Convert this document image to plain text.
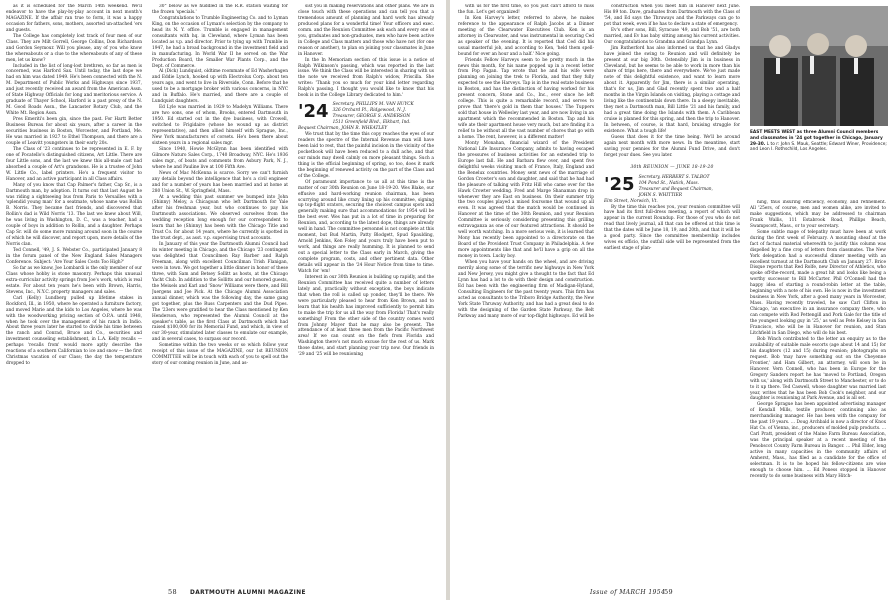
as it is scheduled for the March 14th weekend. We'll endeavor to have the play-by-play account in next month's MAGAZINE. If the affair ran true to form, it was a happy occasion for fathers, sons, mothers, assorted un-attached 'ers and guests.

The College has completely lost track of four men of our Class. They are Milt Gorrell, George Collins, Don Richardson and Gordon Seymour. Will you please, any of you who know the whereabouts or a clue to the whereabouts of any of these men, let us know?

Included in the list of long-lost brethren, so far as men is concerned, was Harford Sax. Until today, the last dope we had on him was dated 1949. He's been connected with the N. M. Department of Public Works and Highways since 1937, and just recently received an award from the American Assn. of State Highway Officials for long and meritorious service. A graduate of Thayer School, Harford is a past prexy of the N. M. Good Roads Assn., the Lancaster Rotary Club, and the White Mt. Region Assn.

Pres Emeriti's been gin, since the past. For Hartt Better Business Bureau for about six years, after a career in the securities business in Boston, Worcester, and Portland, Me. He was married in 1927 to Ethel Thompson, and there are a couple of Leavitt youngsters in their early 20s.

The Class of '23 continues to be represented in E. F. by one of Pocatello's distinguished citizens, Art Little. There are four Little sons, and the last we knew this all-male cast had absorbed a couple of Art's grandsons. He is a trustee of John W. Little Co., label printers. He's a frequent visitor to Hanover, and an active participant in all Class affairs.

Many of you know that Cap Palmer's father, Cap Sr., is a Dartmouth man, by adoption. It turns out that last August he was riding a sightseeing bus from Paris to Versailles with a 'splendid young man' for a seatmate, whose name was Rollin B. Norris. They became fast friends, and discovered that Rollin's dad is Wild Norris '13. The last we knew about Will, he was living in Washington, D. C., was a teacher, had a couple of boys in addition to Rollin, and a daughter. Perhaps Cap Sr. will do some more running around soon in the course of which he will discover, and report upon, more details of the Norris clan.

Ted Connell, '49, J. S. Webster Co., participated January 8 in the forum panel of the New England Sales Managers Conference. Subject: 'Are Your Sales Costs Too High?'

So far as we know, Joe Lombardi is the only member of our Class whose hobby is stone masonry. Perhaps this unusual extra-curricular activity springs from Joe's work, which is real estate. For about ten years he's been with Brown, Harris, Stevens, Inc., N.Y.C. property managers and sales.

Carl (Kelly) Lundberg pulled up lifetime stakes in Rockford, Ill., in 1950, where he operated a furniture factory, and moved Marie and the kids to Los Angeles, where he was with the woodworking pricing section of O.P.A. until 1948, when he took over the management of his ranch in Indio. About three years later he started to divide his time between the ranch and Conrad, Bruce and Co., securities and investment counseling establishment, in L.A. Kelly recalls — perhaps 'recalls from' would more aptly describe the reactions of a southern Californian to ice and snow — the first Christmas vacation of our Class; the day the temperature dropped to

30° below as we huddled in the R.R. station waiting for the frozen 'specials.'

Congratulations to Trumble Engineering Co. and to Lyman King, on the occasion of Lyman's selection by the company to head its N. Y. office. Trumble is engaged in management consultants with hq. in Cleveland, where Lyman has been located as v.p. and director. Prior to tying up with Trumble in 1947, he had a broad background in the investment field and in manufacturing. In World War II he served on the War Production Board, the Smaller War Plants Corp., and the Dept. of Commerce.

Al (Dick) Lundquist, oldtime roommate of Ed Washerhagen and Eddie Lynch, hooked up with Electrolux Corp. about ten years ago, and went to live in Riverside, Conn. Before that he used to be a mortgage broker with various concerns, in NYC and in Buffalo. He's married, and there are a couple of Lundquist daughters.

Ed Lyle was married in 1929 to Madelyn Williams. There are two sons, one of whom, Brooks, entered Dartmouth in 1950. Ed started out in the dye business, with Crowell, switched to Frigidaire (whose he wound up as district representative), and then allied himself with Sprague, Inc., New York manufacturers of corsets. He's been there about sixteen years in a regional sales mgr.

Since 1940, Howie McGlynn has been identified with Gilmore Naturo Sales Corp., 1740 Broadway, NYC. He's 1936 sales mgr., of boats and comments from Asbury Park, N. J., where he and Pauline live at 100 Fifth Ave.

News of Mac McKenna is scarce. Sorry we can't furnish any details beyond the intelligence that he's a civil engineer and for a number of years has been married and at home at 280 Union St., W. Springfield, Mass.

At a wedding this past summer we bumped into John (Shinny) Meloy, a Chicagoan who left Dartmouth for Yale after his freshman year, but who continues to pay his Dartmouth associations. We observed ourselves from the wedding reception long enough for our correspondent to learn that he (Shinny) has been with the Chicago Title and Trust Co. for about 14 years, where he currently is spotted in the trust dept., as asst. v.p. supervising trust accounts.

In January of this year the Dartmouth Alumni Council had its winter meeting in Chicago, and the Chicago '23 contingent was delighted that Councilmen Ray Barber and Ralph Freeman, along with excellent Councilman Trish Flanigan, were in town. We got together a little dinner in honor of these three, with Sam and Betsey Sollitt as hosts, at the Chicago Yacht Club. In addition to the Sollitts and our honored guests, the Meixels and Karl and 'Snow' Williams were there, and Bill Juergens and Joe Pick. At the Chicago Alumni Association annual dinner, which was the following day, the same gang got together, plus the Russ Carpenters and the Dud Pipes. The '23ers were gratified to hear the Class mentioned by Ken Henderson, who represented the Alumni Council at the speaker's table, as the first Class at Dartmouth which had raised $100,000 for its Memorial Fund, and which, in view of our 30-year, stimulated later classes to emulate our example, and in several cases, to surpass our record.

Sometime within the two weeks or so which follow your receipt of this issue of the MAGAZINE, our 1st REUNION COMMITTEE will be in touch with each of you to spell out the story of our coming reunion in June, and as-

sist you in making reservations and other plans. We are in close touch with these operations and can tell you that a tremendous amount of planning and hard work has already produced plans for a wonderful time! Your officers and exec. comm. and the Reunion Committee ask each and every one of you, graduates and non-graduates, men who have been active in College and Class matters and those who have not (for one reason or another), to plan on joining your classmates in June in Hanover.

In the In Memoriam section of this issue is a notice of Ralph Wilkinson's passing, which was reported in the last issue. We think the Class will be interested in sharing with us the note we received from Ralph's widow, Priscilla. She writes: 'Thank you so much for your kind letter regarding Ralph's passing. I thought you would like to know that his book is in the College Library dedicated to him.'

'24 Secretary, PHILLIPS M. VAN HUYCK
326 Orchard Pl., Ridgewood, N. J.
Treasurer, GEORGE S. ANDERSON
1511 Greenfield Blvd., Elkhart, Ind.
Bequest Chairman, JOHN R. WHEATLEY

We trust that by the time this copy reaches the eyes of our readers the spectre of the Internal Revenue man will have been laid to rest, that the painful incision in the vicinity of the pocketbook will have been reduced to a dull ache, and that our minds may dwell calmly on more pleasant things. Such a thing is the official beginning of spring, so too, does it mark the beginning of renewed activity on the part of the Class and of the College.

Of paramount importance to us all at this time is the matter of our 30th Reunion on June 18-19-20. Wes Blake, our effusive and hard-working reunion chairman, has been scurrying around like crazy lining up his committee, signing up top-flight orators, securing the choicest campus spots and generally making sure that accommodations for 1954 will be the best ever. Wes has put in a lot of time in preparing for Reunion, and, according to the latest dope, things are already well in hand. The committee personnel is not complete at this moment, but Bud Martin, Patty Blodgett, Spud Spaulding, Arnold Jenkins, Ken Foley and yours truly have been put to work, and things are really humming. It is planned to send out a special letter to the Class early in March, giving the complete program, costs, and other pertinent data. Other details will appear in the '24 Hour Notice from time to time. Watch for 'em!

Interest in our 30th Reunion is building up rapidly, and the Reunion Committee has received quite a number of letters lately and, practically without exception, the boys indicate that when the roll is called up yonder, they'll be there. We were particularly pleased to hear from Ken Brown, and to learn that his health has improved sufficiently to permit him to make the trip for us all the way from Florida! That's really something! From the other side of the country comes word from Johnny Mayer that he may also be present. The attendance of at least three men from the Pacific Northwest area! If we can count on the fiefs from Florida and Washington there's not much excuse for the rest of us. Mark those dates, and start planning your trip now. Our friends in '29 and '25 will be reunioning

58 DARTMOUTH ALUMNI MAGAZINE

with us for the first time, so you just can't afford to miss the fun. Let's get organized!

In Ken Harvey's letter, referred to above, he makes reference to the appearance of Ralph Jacobs at a Dinner meeting of the Clearwater Executives Club. Ken is an attorney in Clearwater, and was instrumental in securing Ced as speaker of the evening. It is reported that Ced did his usual masterful job, and according to Ken, 'held them spell-bound for over an hour and a half.' Nice going.

Friends Fellow Harveys seem to be pretty much in the news this month, for his name popped up in a recent letter from Pop Fagan. Tap wrote that he and his wife were planning on joining the trek to Florida, and that they fully expected to see the Harveys. Tap is in the real estate business in Boston, and has the distinction of having worked for his present concern, Stone and Co., Inc., ever since he left college. This is quite a remarkable record, and serves to prove that 'there's gold in them thar houses.' The Tuppers sold that house in Wellesley last year, and are now living in an apartment which the recommended in Boston. Tap and his wife ate their apartment house very much, but are finding it a relief to be without all the vast number of chores that go with a home. The rent, however, is a different matter!

Monty Monahan, financial wizard of the President National Life Insurance Company, admits to having escaped the pressures of business activities for an extended trip to Europe last fall. He and Barbara flew over, and spent five delightful weeks visiting much of France, Italy, England and the Benelux countries. Money sent news of the marriage of Gordon Crowter's son and daughter, and said that he had had the pleasure of talking with Fritz Hill who came over for the Hawk Crowter wedding. Fred and Marge Shanaman drop in whenever they are East on business. On their summer trip the two couples played a mixed foursome that wound up all even. It was agreed that the match would be continued in Hanover at the time of the 30th Reunion, and your Reunion Committee is seriously considering presenting this grilling extravaganza as one of our featured attractions. It should be well worth watching. In a more serious vein, it is learned that Mony has recently been appointed to a directorate on the Board of the Provident Trust Company in Philadelphia. A few more appointments like that and he'll have a grip on all the money in town. Lucky boy.

When you have your hands on the wheel, and are driving merrily along some of the terrific new highways in New York and New Jersey, you might give a thought to the fact that Ed Lynn has had a lot to do with their design and construction. Ed has been with the engineering firm of Madigan-Hyland, Consulting Engineers for the past twenty years. This firm has acted as consultants to the Triboro Bridge Authority, the New York State Thruway Authority, and has had a great deal to do with the designing of the Garden State Parkway, the Belt Parkway and many more of our top-flight highways. Ed will be

construction when you meet him in Hanover next June. His 89 ton. Dave, graduates from Dartmouth with the Class of '54, and Ed says the Thruways and the Parkways can go to pot that week, even if he has to declare a state of emergency.

Ev's other sons, Bill, Syracuse '49, and Bob '51, are both married, and Ev has baby sitting among his current activities. Our congratulations to Grandma and Grandpa Lynn.

Jim Rutherford has also informed us that he and Gladys have joined the swing to Reunion and will definitely be present at our big 30th. Ostensibly Jim is in business in Cleveland, but he seems to be able to work in more than his share of trips here, there and everywhere. We've just made note of this delightful existence, and want to learn more about it. Apparently for Jim, there is a similar operating, that's for us, Jim and Glad recently spent two and a half months in the Virgin Islands on visiting, playing a cottage and living like the continentals down there. In a sleepy inevitable, they met a Dartmouth man, Bill Little '21 and his family, and had a great time doing the Islands with them. A Caribbean cruise is planned for this spring, and then the trip to Hanover. In between, of course, is that hard, bruising struggle for existence. What a tough life!

Guess that does it for the time being. We'll be around again next month with more news. In the meantime, start saving your pennies for the Alumni Fund Drive, and don't forget your dues. See you later.

30th REUNION — JUNE 18-19-20
'25 Secretary, HERBERT S. TALBOT
104 Pond St., Natick, Mass.
Treasurer and Bequest Chairman,
JOHN S. WHITTIER
Elm Street, Norwich, Vt.

By the time this reaches you, your reunion committee will have had its first full-dress meeting, a report of which will appear in the current Roundup. For those of you who do not read that lively journal, all that can be offered at this time is that the dates will be June 18, 19, and 20th, and that it will be a good party. Since the committee membership includes wives ex officio, the outfall side will be represented from the earliest stage of plan-

EAST MEETS WEST as three Alumni Council members and classmates in '24 got together in Chicago, January 29-30. L to r: John S. Mauk, Seattle; Edward Winer, Providence; and Leon I. Rothschild, Los Angeles.

ning, thus insuring efficiency, economy, and refinement. All '25ers, of course, men and women alike, are invited to make suggestions, which may be addressed to chairman Frank Wallis, 111 Estabrook Road, Phillips Beach, Swampscott, Mass., or to your secretary.

Some subtle mage of telepathy must have been at work during the first week of February. A mounting sheaf at the fact of factual material wherewith to justify this column was dispelled by a fine crop of letters from classmates. The New York delegation had a successful dinner meeting with an excellent turnout at the Dartmouth Club on January 27. Brice Disque reports that Red Rolfe, new Director of Athletics, who spoke off-the-record, made a great hit and looks like being a worthy successor to Bill McCarter. Phil O'Connell had the happy idea of starting a round-robin letter at the table, beginning with a note of his own. He is now in the investment business in New York, after a good many years in Worcester, Mass. Having recently traveled, he saw Carl Clifton in Chicago, 'an executive in an insurance company there, who can compete with Rod Pettengill and Pork Gale for the title of the youngest looking guy in '25,' as well as Pete Kelsey in San Francisco, who will be in Hanover for reunion, and Stan Litchfield in San Diego, who will do his best.

Bob Winch contributed to the letter an enquiry as to the availability of suitable male escorts (age about 14 and 15) for his daughters (12 and 15) during reunion; photographs on request. Bob 'may have something out on the Cheyenne Frontier,' and Ham Gilbert, an attorney, will soon be in Hanover. Vern Connell, who has been in Europe for the Gregory Sanders report he has 'moved to Portland, Oregon with us,' along with Dartmouth Street to Manchester, or to do to it up there. Ted Caswell, whose daughter was married last year, writes that he has been Bob Cook's neighbor, and our daughter is reunioning at Park Avenue, and is all set.

George Sprague has been appointed advertising manager of Kendall Mills, textile producer, continuing also as merchandising manager. He has been with the company for the past 19 years. ... Doug Archbald is now a director of Knox Hat Co. of Vienna, inc., producers of molded pulp products. ... Carl Pratt, president of the Maine Farm Bureau Association, was the principal speaker at a recent meeting of the Penobscot County Farm Bureau in Bangor. ... Phil Elder, long active in many capacities in the community affairs of Amherst, Mass., has filed as a candidate for the office of selectman. It is to be hoped his fellow-citizens are wise enough to choose him. ... Ed Poness stopped in Hanover recently to do some business with Mary Hitch-

Issue of MARCH 1954
59
